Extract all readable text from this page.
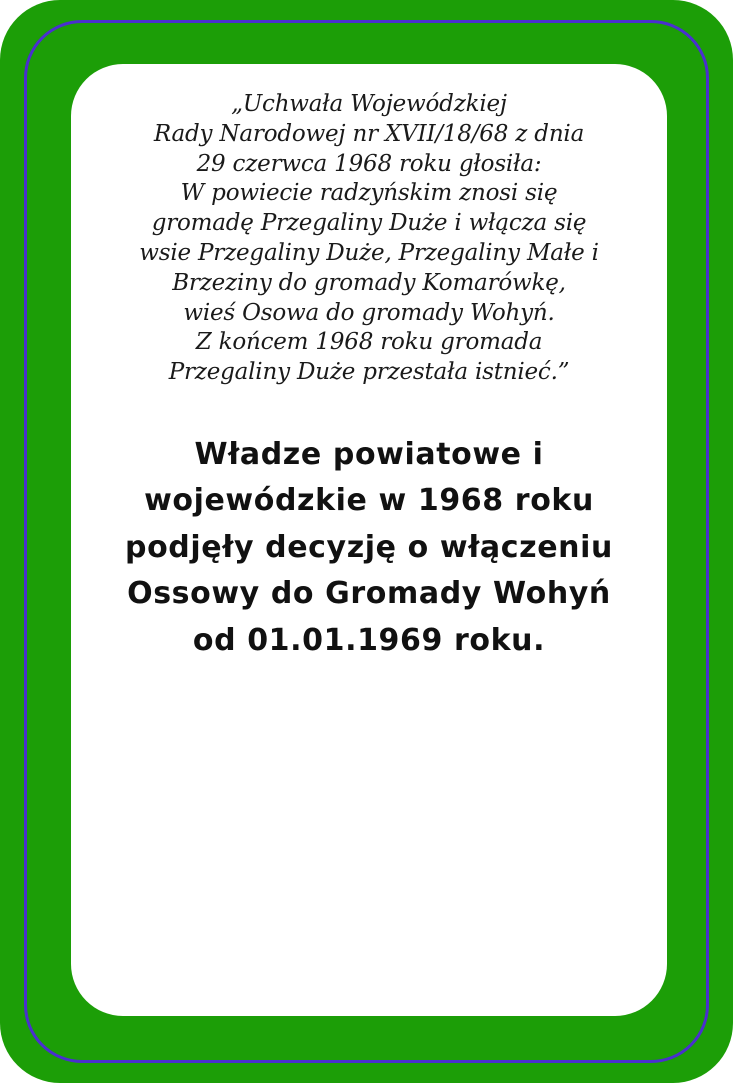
„Uchwała Wojewódzkiej
Rady Narodowej nr XVII/18/68 z dnia
29 czerwca 1968 roku głosiła:
W powiecie radzyńskim znosi się
gromadę Przegaliny Duże i włącza się
wsie Przegaliny Duże, Przegaliny Małe i
Brzeziny do gromady Komarówkę,
wieś Osowa do gromady Wohyń.
Z końcem 1968 roku gromada
Przegaliny Duże przestała istnieć.”
Władze powiatowe i
wojewódzkie w 1968 roku
podjęły decyzję o włączeniu
Ossowy do Gromady Wohyń
od 01.01.1969 roku.
